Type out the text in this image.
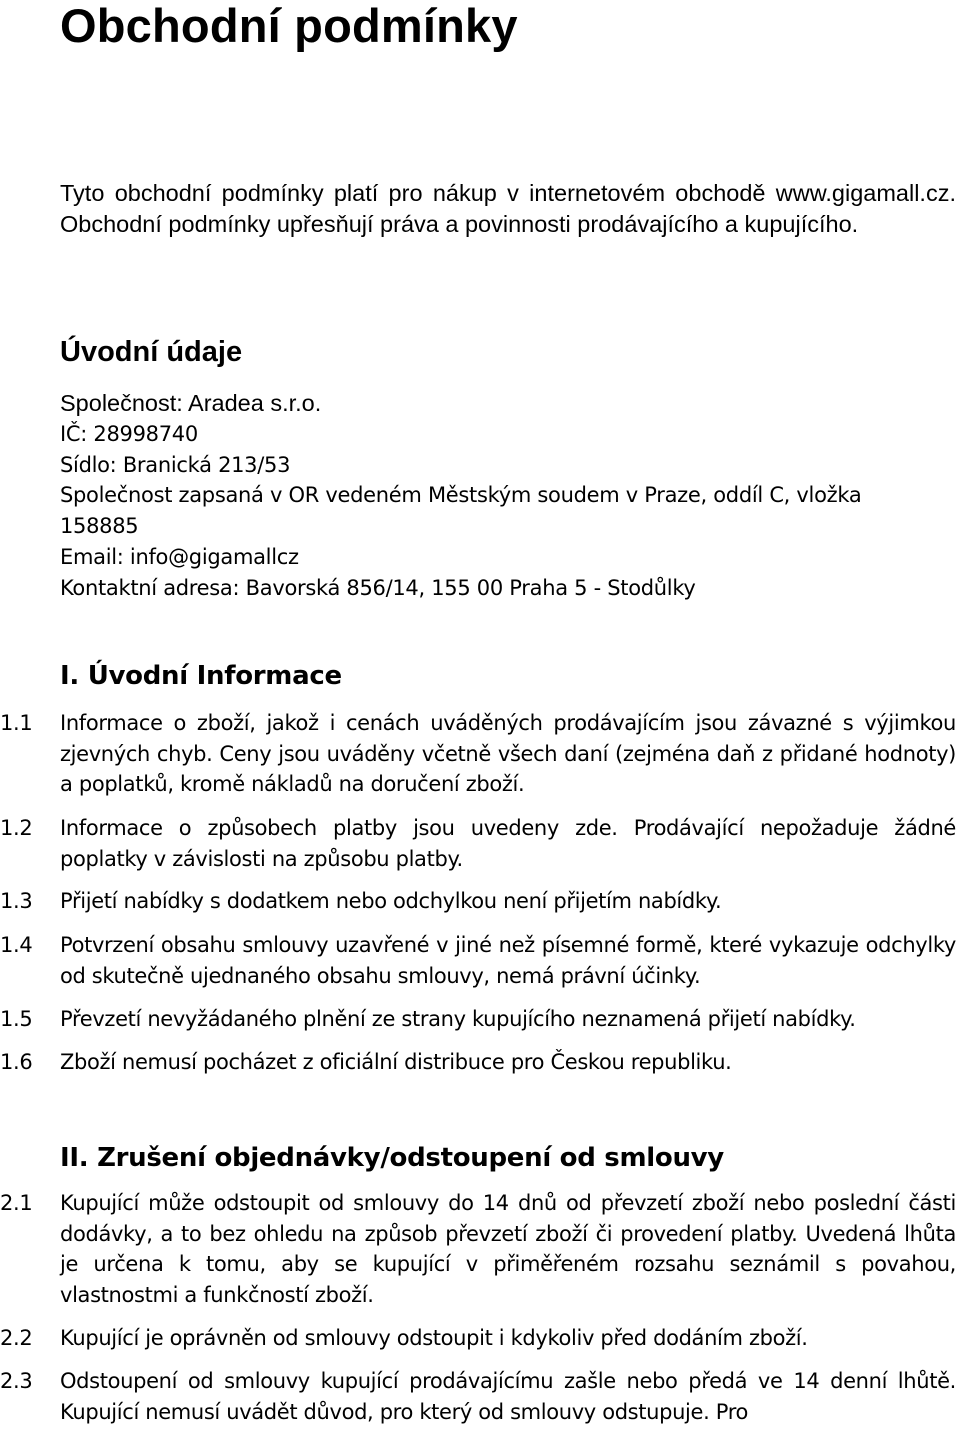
Obchodní podmínky

Tyto obchodní podmínky platí pro nákup v internetovém obchodě www.gigamall.cz. Obchodní podmínky upřesňují práva a povinnosti prodávajícího a kupujícího.

Úvodní údaje
Společnost: Aradea s.r.o.
IČ: 28998740
Sídlo: Branická 213/53
Společnost zapsaná v OR vedeném Městským soudem v Praze, oddíl C, vložka 158885
Email: info@gigamallcz
Kontaktní adresa: Bavorská 856/14, 155 00 Praha 5 - Stodůlky
I. Úvodní Informace
1.1	Informace o zboží, jakož i cenách uváděných prodávajícím jsou závazné s výjimkou zjevných chyb. Ceny jsou uváděny včetně všech daní (zejména daň z přidané hodnoty) a poplatků, kromě nákladů na doručení zboží.
1.2	Informace o způsobech platby jsou uvedeny zde. Prodávající nepožaduje žádné poplatky v závislosti na způsobu platby.
1.3	Přijetí nabídky s dodatkem nebo odchylkou není přijetím nabídky.
1.4	Potvrzení obsahu smlouvy uzavřené v jiné než písemné formě, které vykazuje odchylky od skutečně ujednaného obsahu smlouvy, nemá právní účinky.
1.5	Převzetí nevyžádaného plnění ze strany kupujícího neznamená přijetí nabídky.
1.6	Zboží nemusí pocházet z oficiální distribuce pro Českou republiku.
II. Zrušení objednávky/odstoupení od smlouvy
2.1	Kupující může odstoupit od smlouvy do 14 dnů od převzetí zboží nebo poslední části dodávky, a to bez ohledu na způsob převzetí zboží či provedení platby. Uvedená lhůta je určena k tomu, aby se kupující v přiměřeném rozsahu seznámil s povahou, vlastnostmi a funkčností zboží.
2.2	Kupující je oprávněn od smlouvy odstoupit i kdykoliv před dodáním zboží.
2.3	Odstoupení od smlouvy kupující prodávajícímu zašle nebo předá ve 14 denní lhůtě. Kupující nemusí uvádět důvod, pro který od smlouvy odstupuje. Pro
